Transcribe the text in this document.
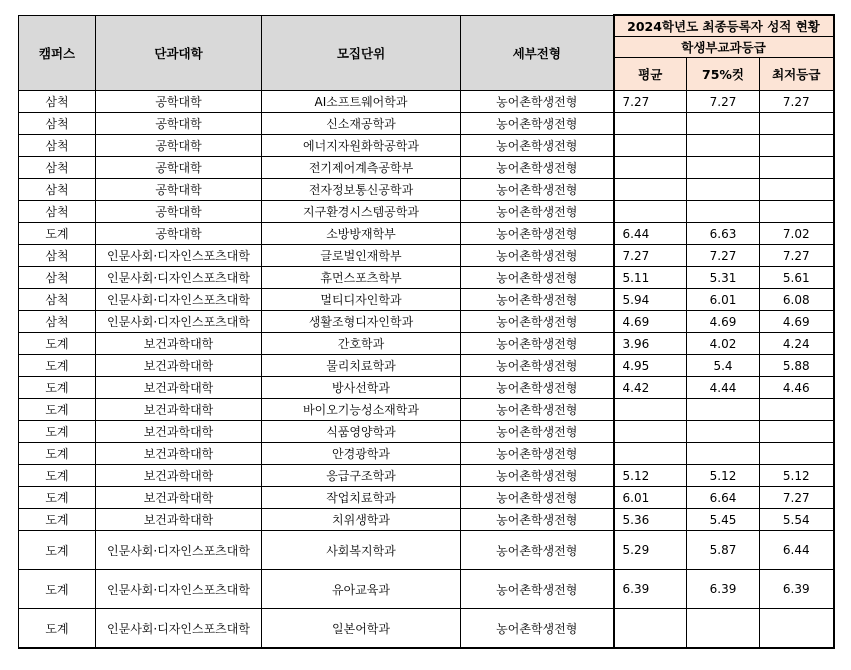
캠퍼스	단과대학	모집단위	세부전형	2024학년도 최종등록자 성적 현황		
				학생부교과등급		
				평균	75%컷	최저등급
삼척	공학대학	AI소프트웨어학과	농어촌학생전형	7.27	7.27	7.27
삼척	공학대학	신소재공학과	농어촌학생전형			
삼척	공학대학	에너지자원화학공학과	농어촌학생전형			
삼척	공학대학	전기제어계측공학부	농어촌학생전형			
삼척	공학대학	전자정보통신공학과	농어촌학생전형			
삼척	공학대학	지구환경시스템공학과	농어촌학생전형			
도계	공학대학	소방방재학부	농어촌학생전형	6.44	6.63	7.02
삼척	인문사회·디자인스포츠대학	글로벌인재학부	농어촌학생전형	7.27	7.27	7.27
삼척	인문사회·디자인스포츠대학	휴먼스포츠학부	농어촌학생전형	5.11	5.31	5.61
삼척	인문사회·디자인스포츠대학	멀티디자인학과	농어촌학생전형	5.94	6.01	6.08
삼척	인문사회·디자인스포츠대학	생활조형디자인학과	농어촌학생전형	4.69	4.69	4.69
도계	보건과학대학	간호학과	농어촌학생전형	3.96	4.02	4.24
도계	보건과학대학	물리치료학과	농어촌학생전형	4.95	5.4	5.88
도계	보건과학대학	방사선학과	농어촌학생전형	4.42	4.44	4.46
도계	보건과학대학	바이오기능성소재학과	농어촌학생전형			
도계	보건과학대학	식품영양학과	농어촌학생전형			
도계	보건과학대학	안경광학과	농어촌학생전형			
도계	보건과학대학	응급구조학과	농어촌학생전형	5.12	5.12	5.12
도계	보건과학대학	작업치료학과	농어촌학생전형	6.01	6.64	7.27
도계	보건과학대학	치위생학과	농어촌학생전형	5.36	5.45	5.54
도계	인문사회·디자인스포츠대학	사회복지학과	농어촌학생전형	5.29	5.87	6.44
도계	인문사회·디자인스포츠대학	유아교육과	농어촌학생전형	6.39	6.39	6.39
도계	인문사회·디자인스포츠대학	일본어학과	농어촌학생전형			
